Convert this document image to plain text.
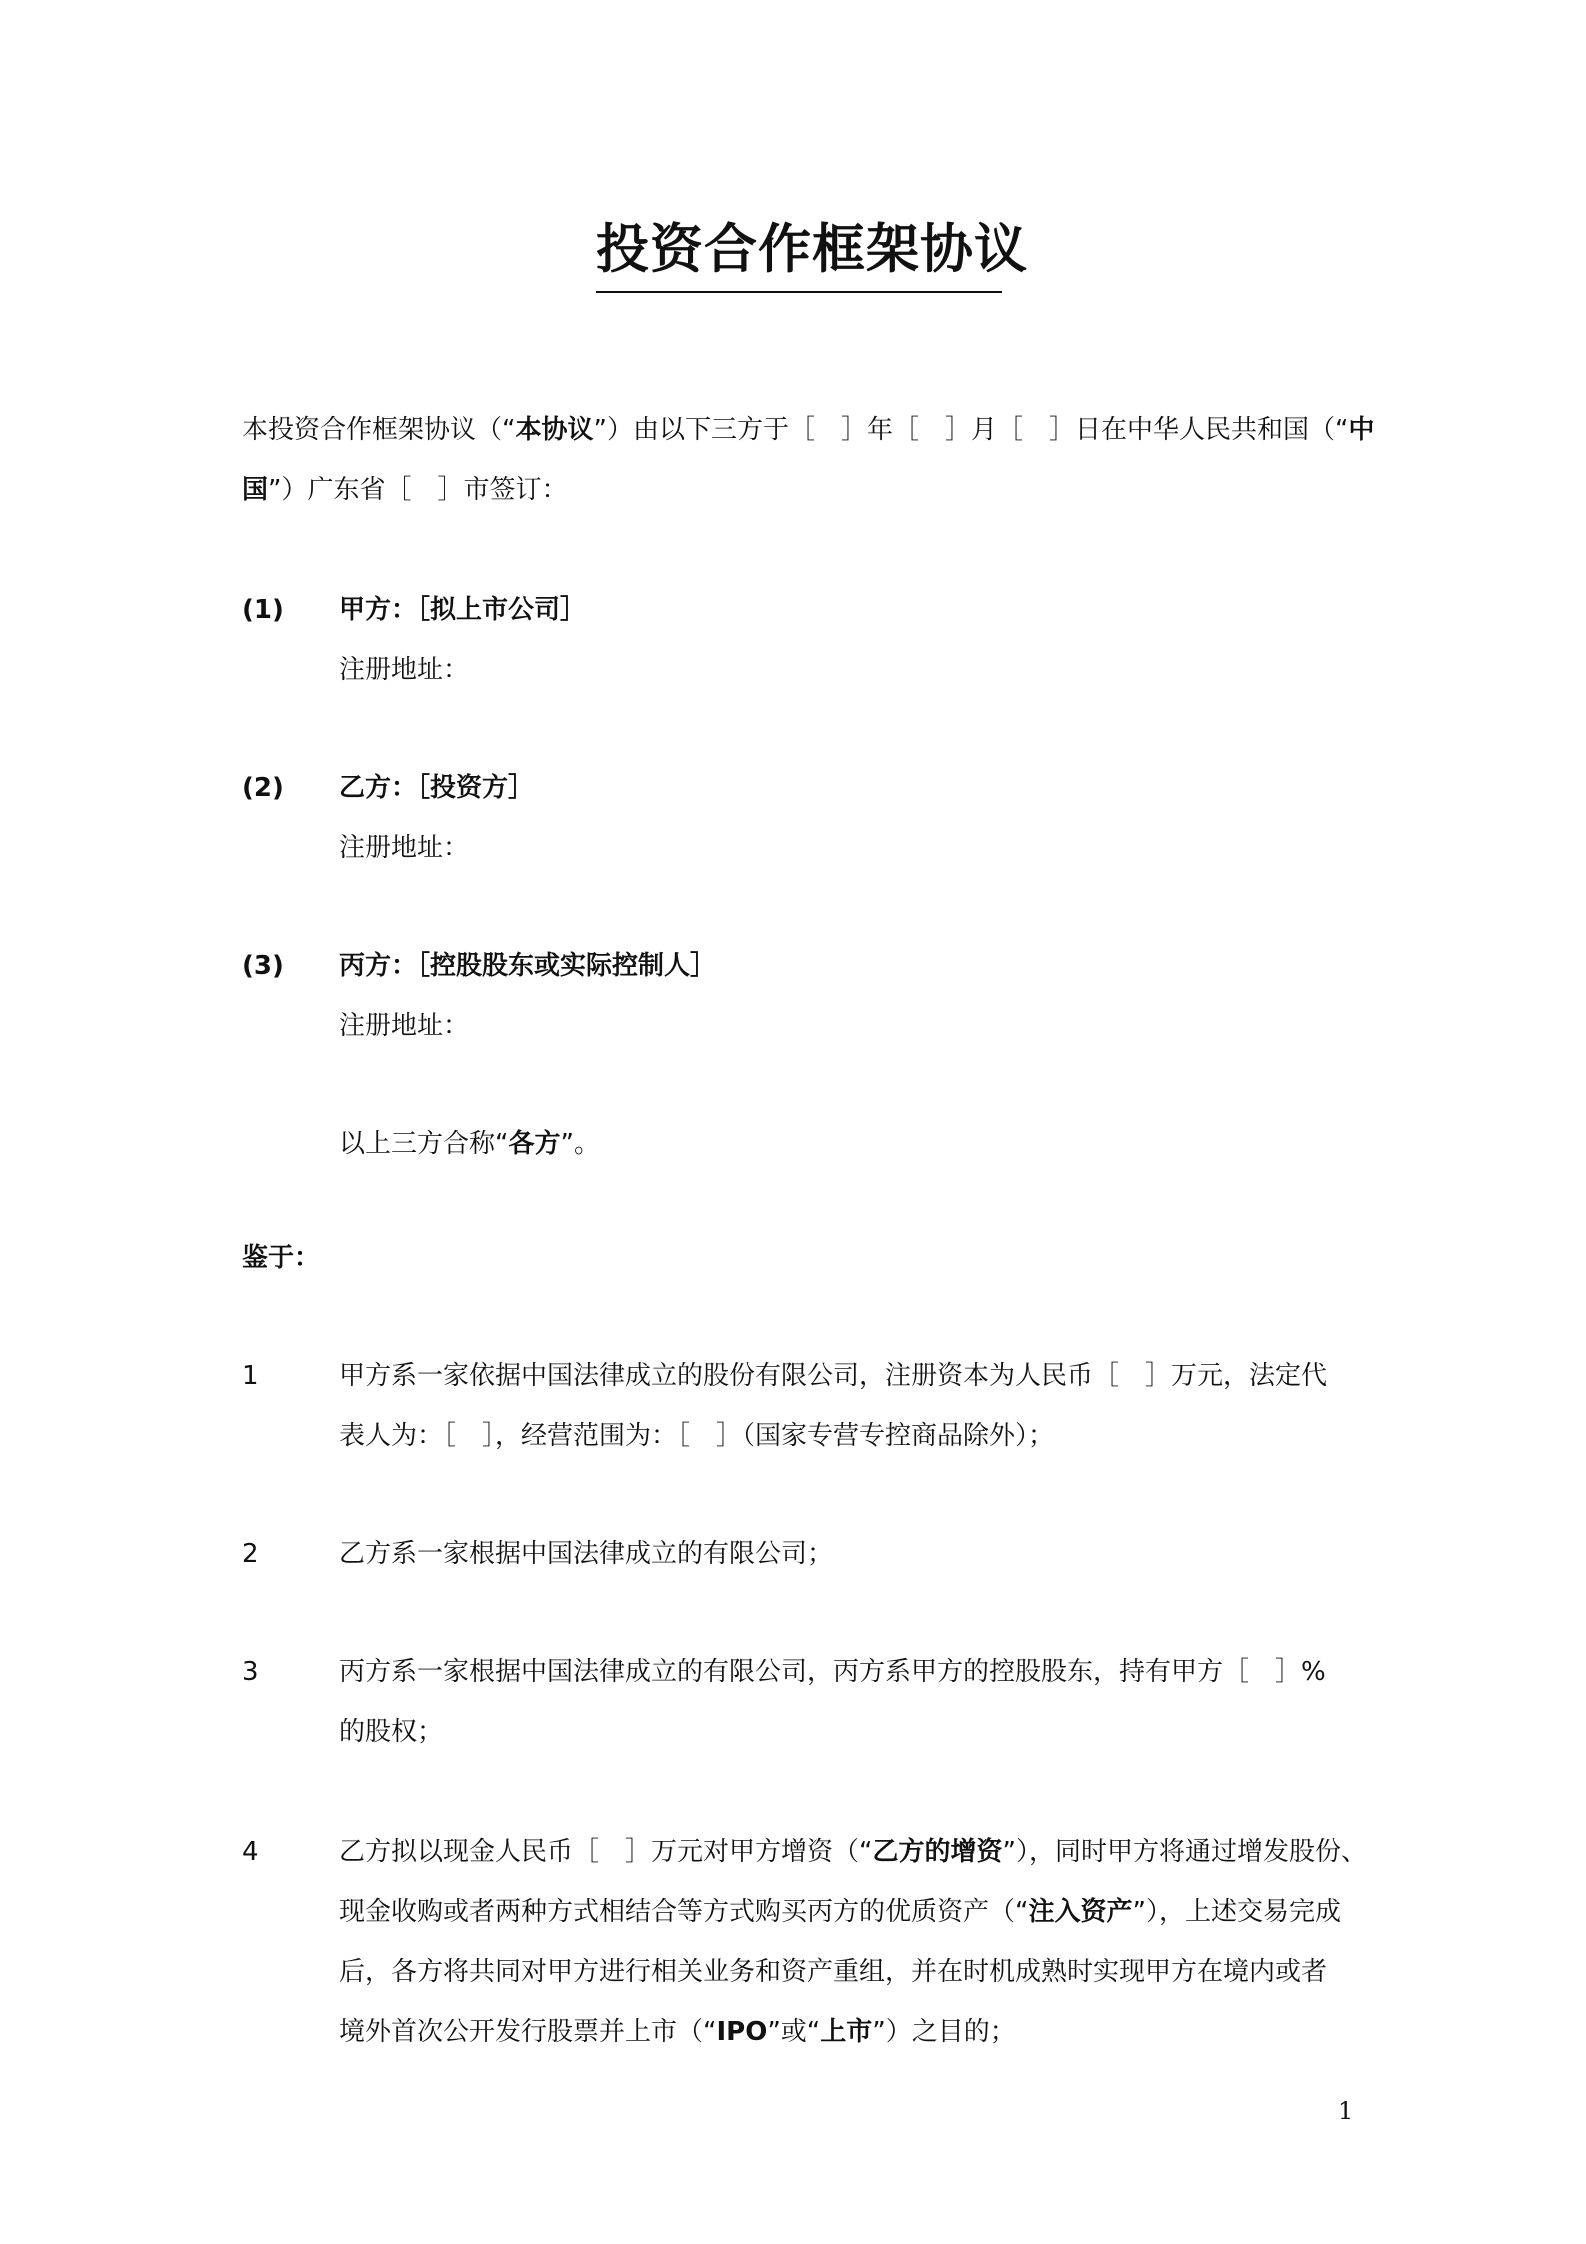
投资合作框架协议
本投资合作框架协议（“本协议”）由以下三方于［　］年［　］月［　］日在中华人民共和国（“中
国”）广东省［　］市签订：
(1) 甲方：［拟上市公司］
注册地址：
(2) 乙方：［投资方］
注册地址：
(3) 丙方：［控股股东或实际控制人］
注册地址：
以上三方合称“各方”。
鉴于：
1	甲方系一家依据中国法律成立的股份有限公司，注册资本为人民币［　］万元，法定代
表人为：［　］，经营范围为：［　］（国家专营专控商品除外）；
2	乙方系一家根据中国法律成立的有限公司；
3	丙方系一家根据中国法律成立的有限公司，丙方系甲方的控股股东，持有甲方［　］%
的股权；
4	乙方拟以现金人民币［　］万元对甲方增资（“乙方的增资”），同时甲方将通过增发股份、
现金收购或者两种方式相结合等方式购买丙方的优质资产（“注入资产”），上述交易完成
后，各方将共同对甲方进行相关业务和资产重组，并在时机成熟时实现甲方在境内或者
境外首次公开发行股票并上市（“IPO”或“上市”）之目的；
1
